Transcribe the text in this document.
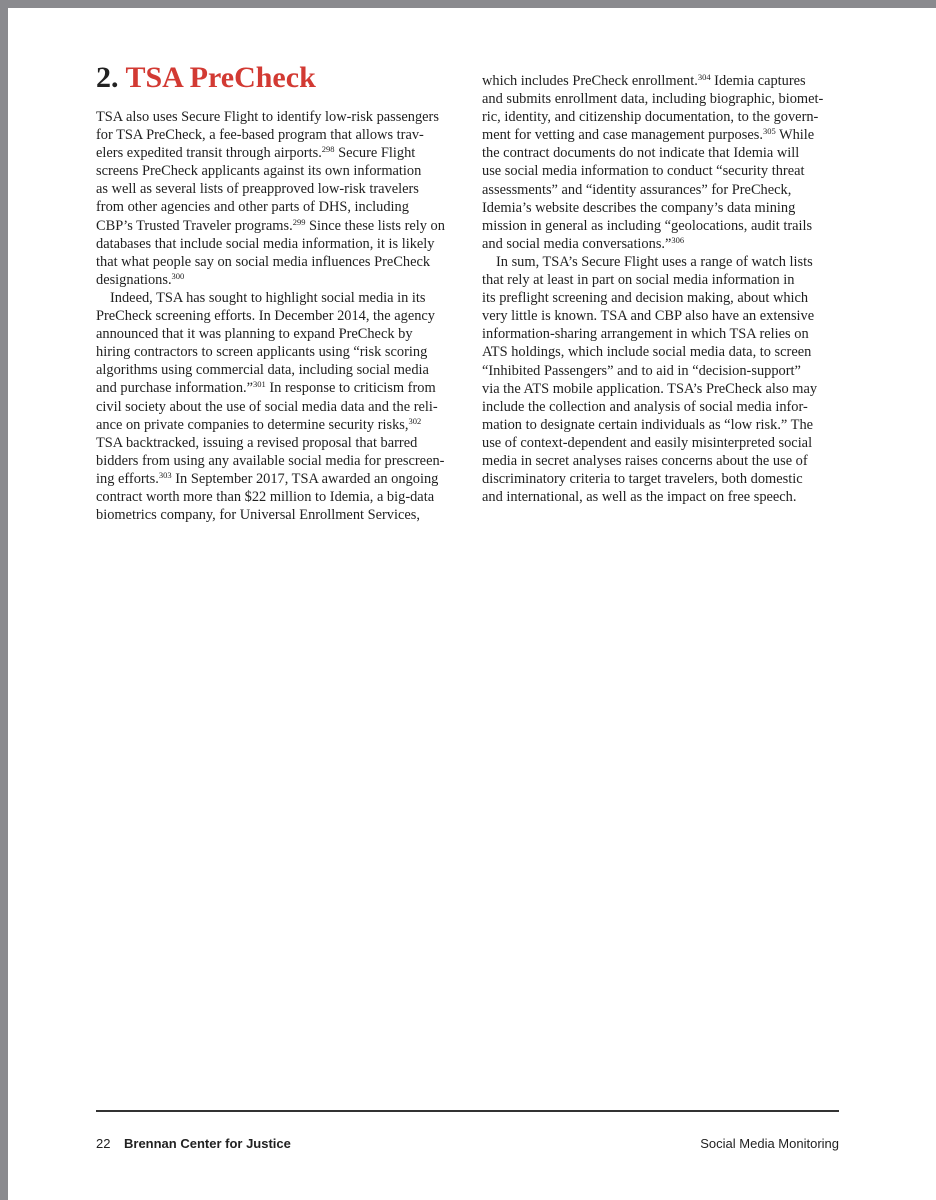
2. TSA PreCheck

TSA also uses Secure Flight to identify low-risk passengers
for TSA PreCheck, a fee-based program that allows trav-
elers expedited transit through airports.$^{298}$ Secure Flight
screens PreCheck applicants against its own information
as well as several lists of preapproved low-risk travelers
from other agencies and other parts of DHS, including
CBP’s Trusted Traveler programs.$^{299}$ Since these lists rely on
databases that include social media information, it is likely
that what people say on social media influences PreCheck
designations.$^{300}$

Indeed, TSA has sought to highlight social media in its
PreCheck screening efforts. In December 2014, the agency
announced that it was planning to expand PreCheck by
hiring contractors to screen applicants using “risk scoring
algorithms using commercial data, including social media
and purchase information.”$^{301}$ In response to criticism from
civil society about the use of social media data and the reli-
ance on private companies to determine security risks,$^{302}$
TSA backtracked, issuing a revised proposal that barred
bidders from using any available social media for prescreen-
ing efforts.$^{303}$ In September 2017, TSA awarded an ongoing
contract worth more than $22 million to Idemia, a big-data
biometrics company, for Universal Enrollment Services,

which includes PreCheck enrollment.$^{304}$ Idemia captures
and submits enrollment data, including biographic, biomet-
ric, identity, and citizenship documentation, to the govern-
ment for vetting and case management purposes.$^{305}$ While
the contract documents do not indicate that Idemia will
use social media information to conduct “security threat
assessments” and “identity assurances” for PreCheck,
Idemia’s website describes the company’s data mining
mission in general as including “geolocations, audit trails
and social media conversations.”$^{306}$

In sum, TSA’s Secure Flight uses a range of watch lists
that rely at least in part on social media information in
its preflight screening and decision making, about which
very little is known. TSA and CBP also have an extensive
information-sharing arrangement in which TSA relies on
ATS holdings, which include social media data, to screen
“Inhibited Passengers” and to aid in “decision-support”
via the ATS mobile application. TSA’s PreCheck also may
include the collection and analysis of social media infor-
mation to designate certain individuals as “low risk.” The
use of context-dependent and easily misinterpreted social
media in secret analyses raises concerns about the use of
discriminatory criteria to target travelers, both domestic
and international, as well as the impact on free speech.

22 Brennan Center for Justice	Social Media Monitoring
